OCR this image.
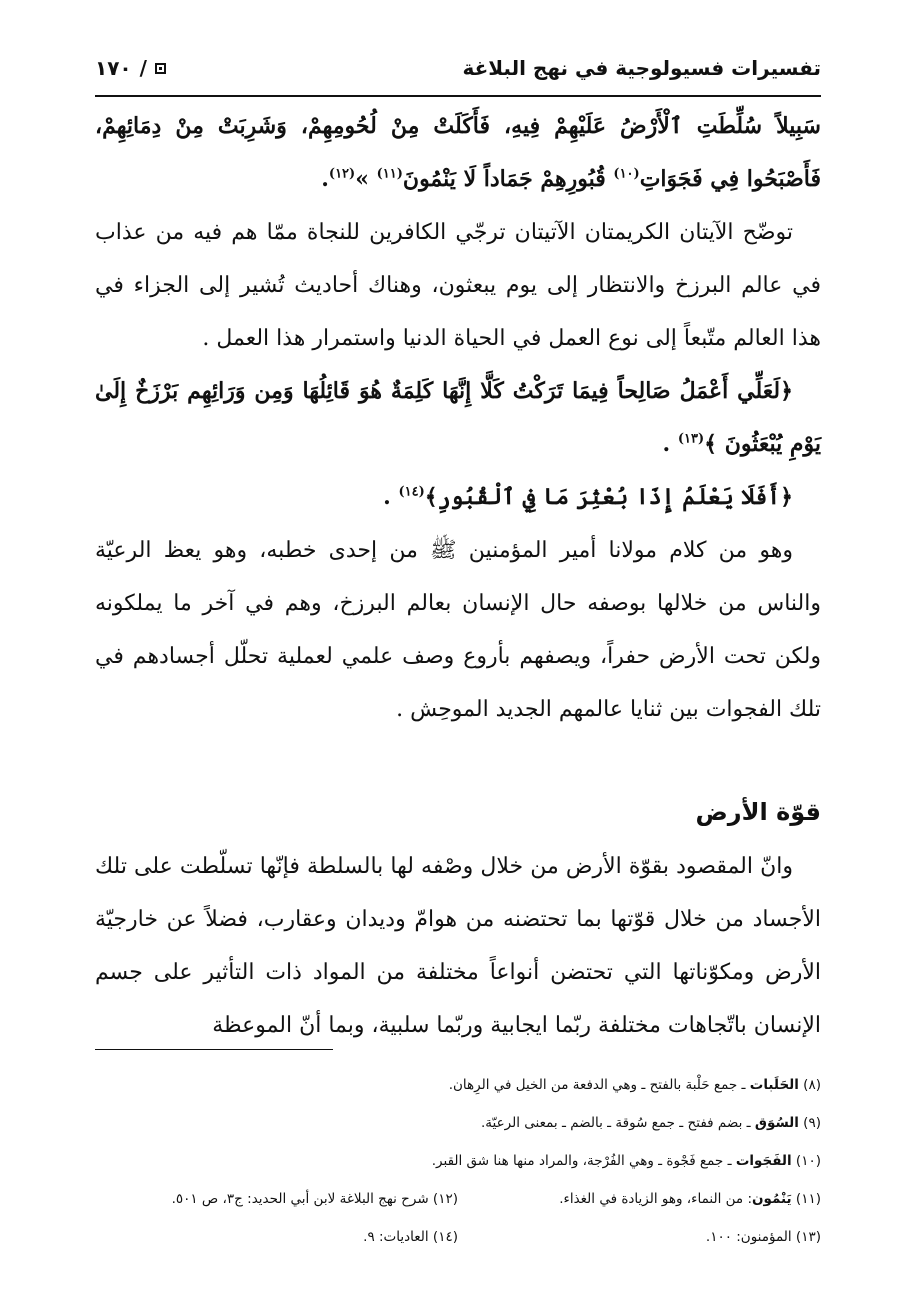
تفسيرات فسيولوجية في نهج البلاغة
١٧٠ /

سَبِيلاً سُلِّطَتِ ٱلْأَرْضُ عَلَيْهِمْ فِيهِ، فَأَكَلَتْ مِنْ لُحُومِهِمْ، وَشَرِبَتْ مِنْ دِمَائِهِمْ، فَأَصْبَحُوا فِي فَجَوَاتِ$^{(١٠)}$ قُبُورِهِمْ جَمَاداً لَا يَنْمُونَ$^{(١١)}$ »$^{(١٢)}$.

توضّح الآيتان الكريمتان الآتيتان ترجّي الكافرين للنجاة ممّا هم فيه من عذاب في عالم البرزخ والانتظار إلى يوم يبعثون، وهناك أحاديث تُشير إلى الجزاء في هذا العالم متّبعاً إلى نوع العمل في الحياة الدنيا واستمرار هذا العمل .

﴿لَعَلِّي أَعْمَلُ صَالِحاً فِيمَا تَرَكْتُ كَلَّا إِنَّهَا كَلِمَةٌ هُوَ قَائِلُهَا وَمِن وَرَائِهِم بَرْزَخٌ إِلَىٰ يَوْمِ يُبْعَثُونَ ﴾$^{(١٣)}$ .

﴿أَفَلَا يَعْلَمُ إِذَا بُعْثِرَ مَا فِي ٱلْقُبُورِ﴾$^{(١٤)}$ .

وهو من كلام مولانا أمير المؤمنين ﷺ من إحدى خطبه، وهو يعظ الرعيّة والناس من خلالها بوصفه حال الإنسان بعالم البرزخ، وهم في آخر ما يملكونه ولكن تحت الأرض حفراً، ويصفهم بأروع وصف علمي لعملية تحلّل أجسادهم في تلك الفجوات بين ثنايا عالمهم الجديد الموحِش .

قوّة الأرض

وانّ المقصود بقوّة الأرض من خلال وصْفه لها بالسلطة فإنّها تسلّطت على تلك الأجساد من خلال قوّتها بما تحتضنه من هوامّ وديدان وعقارب، فضلاً عن خارجيّة الأرض ومكوّناتها التي تحتضن أنواعاً مختلفة من المواد ذات التأثير على جسم الإنسان باتّجاهات مختلفة ربّما ايجابية وربّما سلبية، وبما أنّ الموعظة

(٨) الحَلَبات ـ جمع حَلْبة بالفتح ـ وهي الدفعة من الخيل في الرِهان.
(٩) السُوَق ـ بضم ففتح ـ جمع سُوقة ـ بالضم ـ بمعنى الرعيّة.
(١٠) الفَجَوات ـ جمع فَجْوة ـ وهي الفُرْجة، والمراد منها هنا شق القبر.
(١١) يَنْمُون: من النماء، وهو الزيادة في الغذاء.
(١٢) شرح نهج البلاغة لابن أبي الحديد: ج٣، ص ٥٠١.
(١٣) المؤمنون: ١٠٠.
(١٤) العاديات: ٩.
